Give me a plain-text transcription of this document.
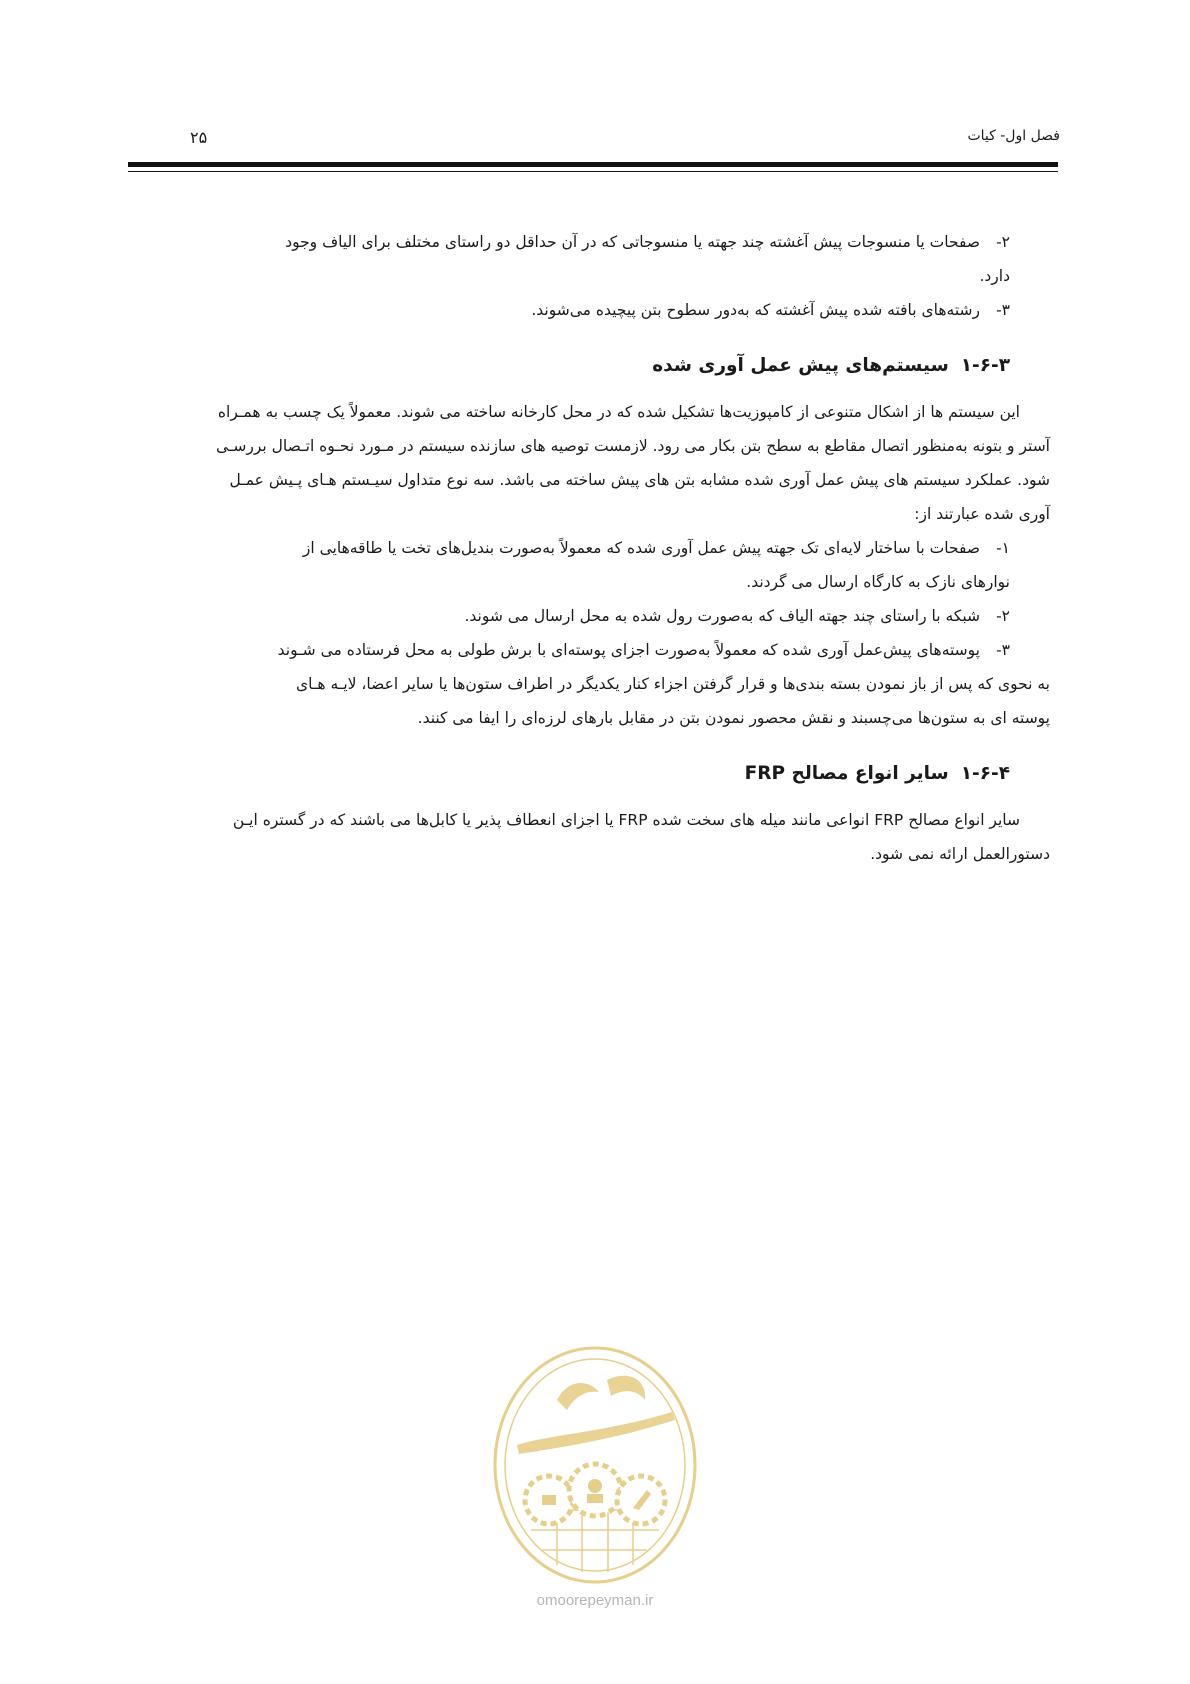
فصل اول- کیات
۲۵

۲-صفحات یا منسوجات پیش آغشته چند جهته یا منسوجاتی که در آن حداقل دو راستای مختلف برای الیاف وجود

دارد.

۳-رشته‌های بافته شده پیش آغشته که به‌دور سطوح بتن پیچیده می‌شوند.

۱-۶-۳سیستم‌های پیش عمل آوری شده

این سیستم ها از اشکال متنوعی از کامپوزیت‌ها تشکیل شده که در محل کارخانه ساخته می شوند. معمولاً یک چسب به همـراه

آستر و بتونه به‌منظور اتصال مقاطع به سطح بتن بکار می رود. لازمست توصیه های سازنده سیستم در مـورد نحـوه اتـصال بررسـی

شود. عملکرد سیستم های پیش عمل آوری شده مشابه بتن های پیش ساخته می باشد. سه نوع متداول سیـستم هـای پـیش عمـل

آوری شده عبارتند از:

۱-صفحات با ساختار لایه‌ای تک جهته پیش عمل آوری شده که معمولاً به‌صورت بندیل‌های تخت یا طاقه‌هایی از

نوارهای نازک به کارگاه ارسال می گردند.

۲-شبکه با راستای چند جهته الیاف که به‌صورت رول شده به محل ارسال می شوند.

۳-پوسته‌های پیش‌عمل آوری شده که معمولاً به‌صورت اجزای پوسته‌ای با برش طولی به محل فرستاده می شـوند

به نحوی که پس از باز نمودن بسته بندی‌ها و قرار گرفتن اجزاء کنار یکدیگر در اطراف ستون‌ها یا سایر اعضا، لایـه هـای

پوسته ای به ستون‌ها می‌چسبند و نقش محصور نمودن بتن در مقابل بارهای لرزه‌ای را ایفا می کنند.

۱-۶-۴سایر انواع مصالح FRP

سایر انواع مصالح FRP انواعی مانند میله های سخت شده FRP یا اجزای انعطاف پذیر یا کابل‌ها می باشند که در گستره ایـن

دستورالعمل ارائه نمی شود.

omoorepeyman.ir
